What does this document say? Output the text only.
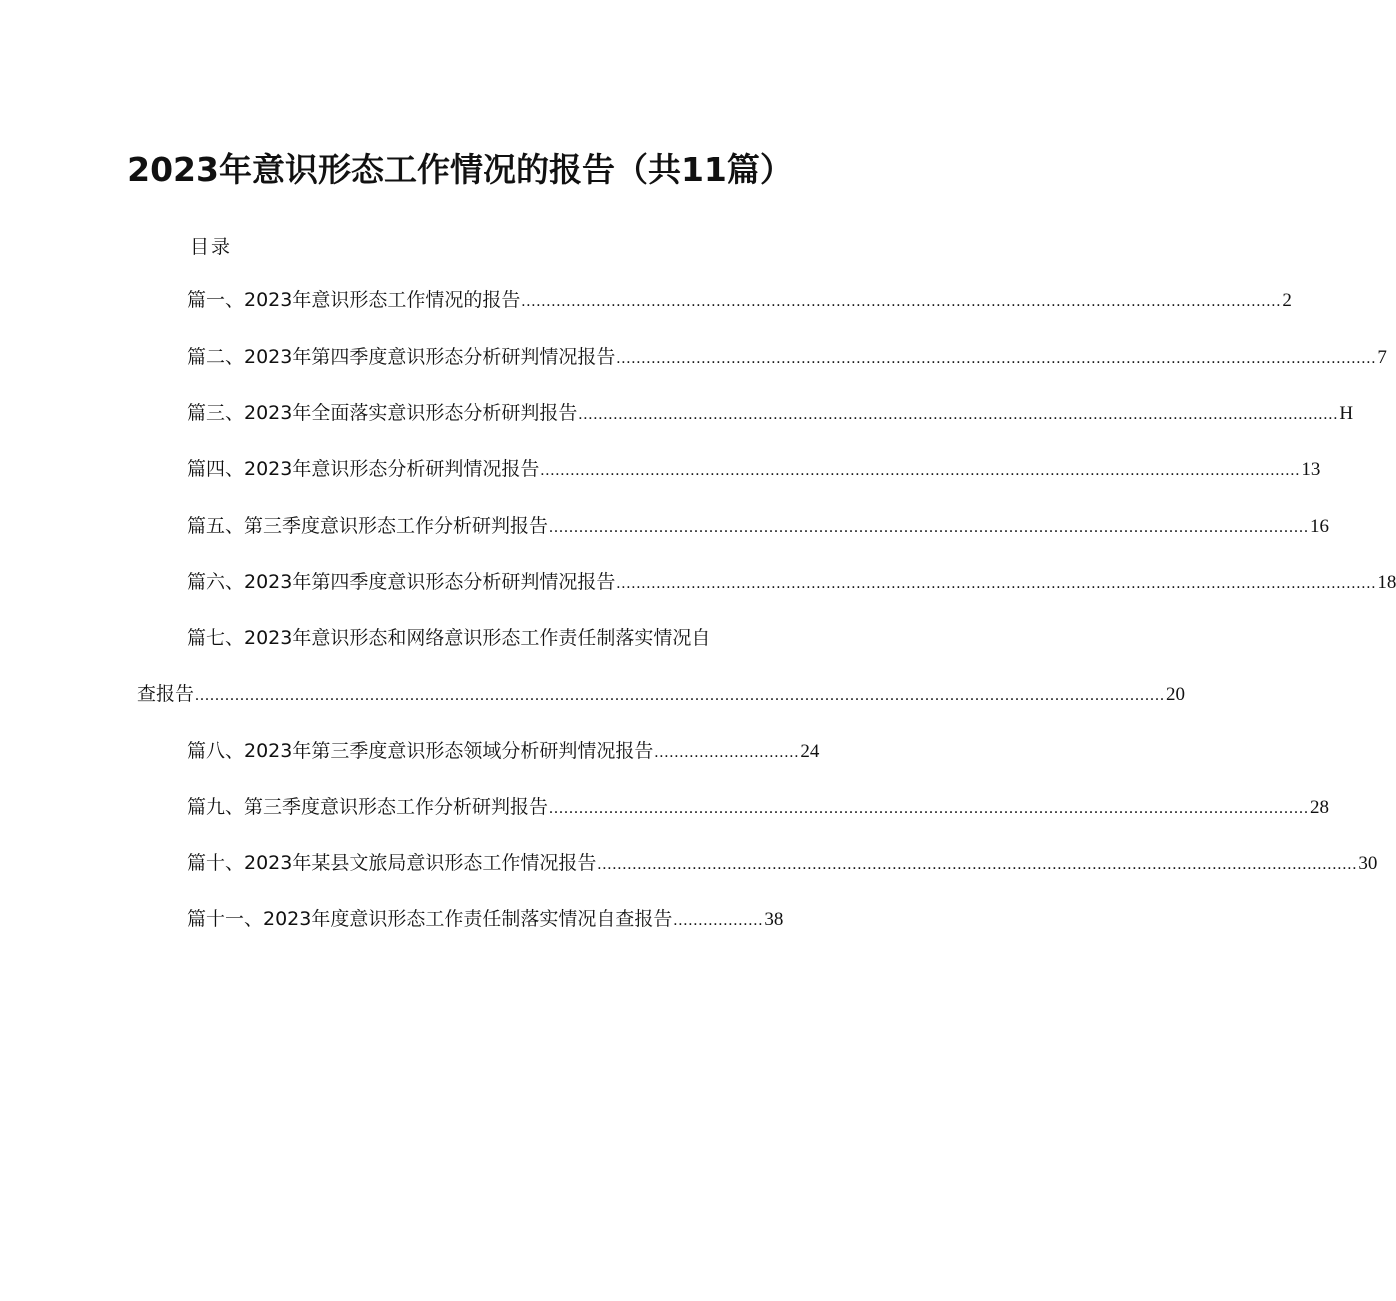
2023年意识形态工作情况的报告（共11篇）
目录
篇一、2023年意识形态工作情况的报告 ........................................................................................................................................................ 2
篇二、2023年第四季度意识形态分析研判情况报告 ........................................................................................................................................................ 7
篇三、2023年全面落实意识形态分析研判报告 ........................................................................................................................................................ H
篇四、2023年意识形态分析研判情况报告 ........................................................................................................................................................ 13
篇五、第三季度意识形态工作分析研判报告 ........................................................................................................................................................ 16
篇六、2023年第四季度意识形态分析研判情况报告 ........................................................................................................................................................ 18
篇七、2023年意识形态和网络意识形态工作责任制落实情况自
查报告 .................................................................................................................................................................................................. 20
篇八、2023年第三季度意识形态领域分析研判情况报告 ............................. 24
篇九、第三季度意识形态工作分析研判报告 ........................................................................................................................................................ 28
篇十、2023年某县文旅局意识形态工作情况报告 ........................................................................................................................................................ 30
篇十一、2023年度意识形态工作责任制落实情况自查报告 .................. 38
